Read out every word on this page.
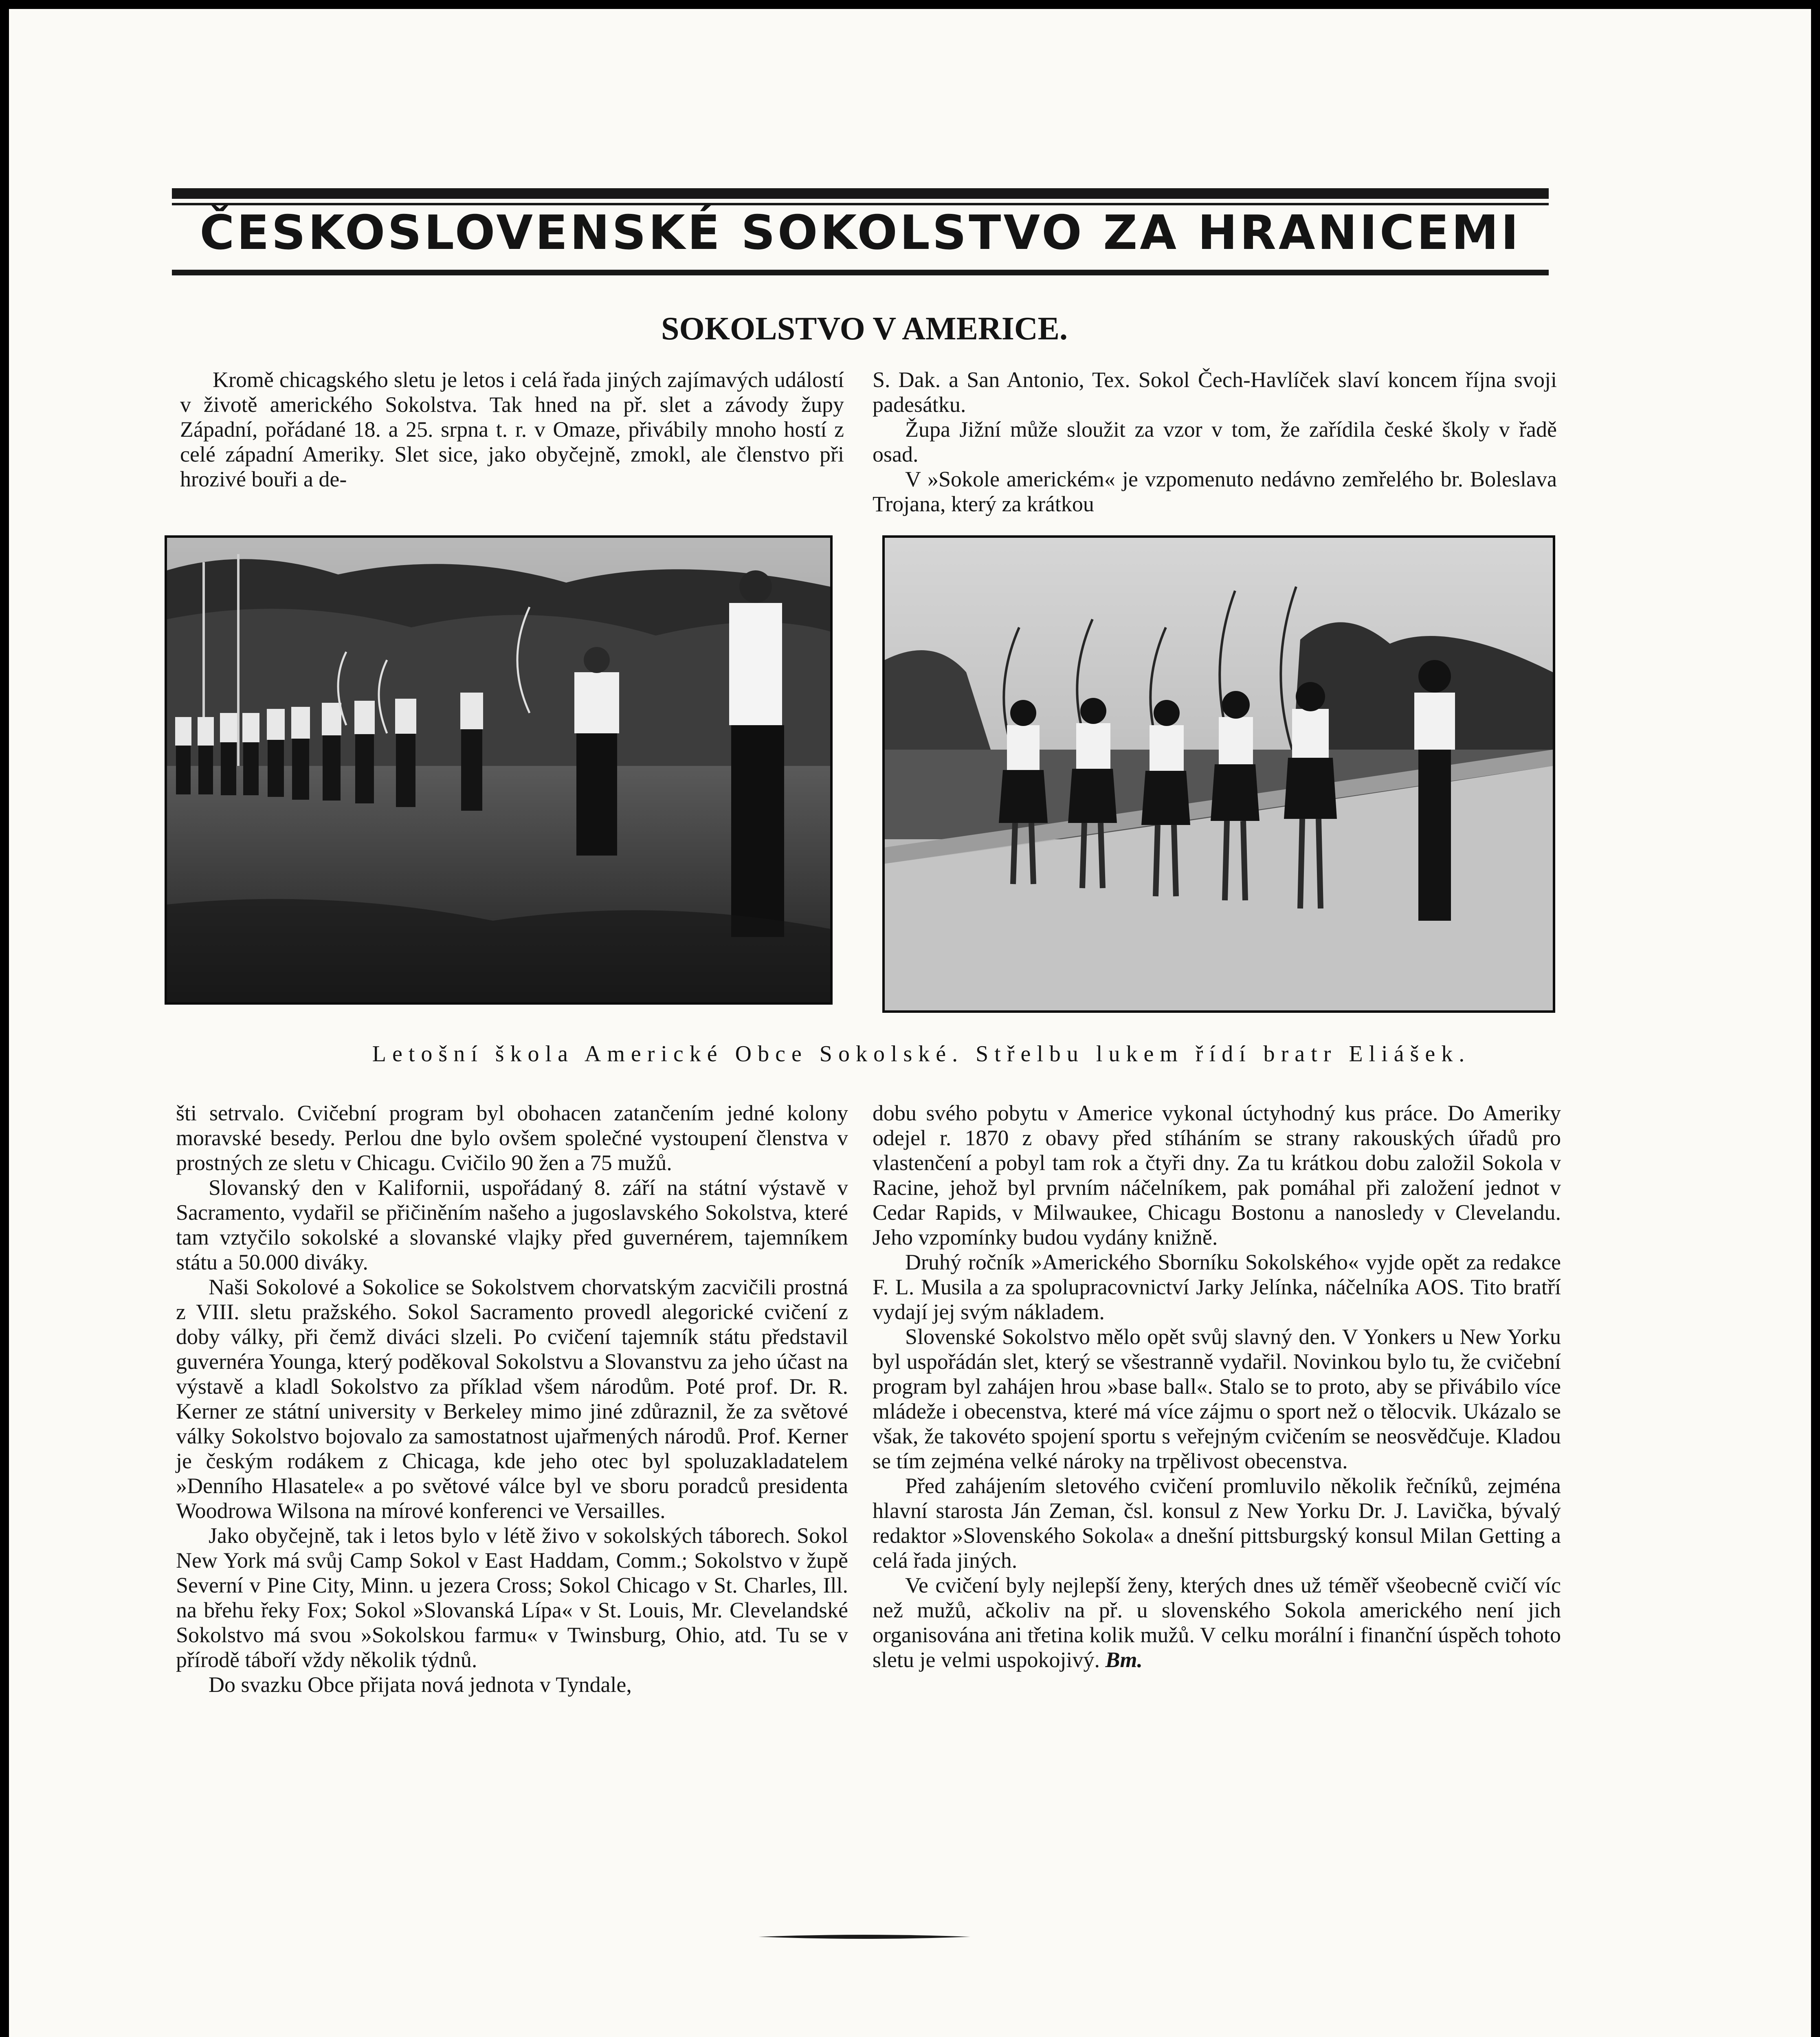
ČESKOSLOVENSKÉ SOKOLSTVO ZA HRANICEMI
SOKOLSTVO V AMERICE.

Kromě chicagského sletu je letos i celá řada jiných zajímavých událostí v životě amerického Sokolstva. Tak hned na př. slet a závody župy Západní, pořádané 18. a 25. srpna t. r. v Omaze, přivábily mnoho hostí z celé západní Ameriky. Slet sice, jako obyčejně, zmokl, ale členstvo při hrozivé bouři a de-

S. Dak. a San Antonio, Tex. Sokol Čech-Havlíček slaví koncem října svoji padesátku.

Župa Jižní může sloužit za vzor v tom, že zařídila české školy v řadě osad.

V »Sokole americkém« je vzpomenuto nedávno zemřelého br. Boleslava Trojana, který za krátkou

Letošní škola Americké Obce Sokolské. Střelbu lukem řídí bratr Eliášek.

šti setrvalo. Cvičební program byl obohacen zatančením jedné kolony moravské besedy. Perlou dne bylo ovšem společné vystoupení členstva v prostných ze sletu v Chicagu. Cvičilo 90 žen a 75 mužů.

Slovanský den v Kalifornii, uspořádaný 8. září na státní výstavě v Sacramento, vydařil se přičiněním našeho a jugoslavského Sokolstva, které tam vztyčilo sokolské a slovanské vlajky před guvernérem, tajemníkem státu a 50.000 diváky.

Naši Sokolové a Sokolice se Sokolstvem chorvatským zacvičili prostná z VIII. sletu pražského. Sokol Sacramento provedl alegorické cvičení z doby války, při čemž diváci slzeli. Po cvičení tajemník státu představil guvernéra Younga, který poděkoval Sokolstvu a Slovanstvu za jeho účast na výstavě a kladl Sokolstvo za příklad všem národům. Poté prof. Dr. R. Kerner ze státní university v Berkeley mimo jiné zdůraznil, že za světové války Sokolstvo bojovalo za samostatnost ujařmených národů. Prof. Kerner je českým rodákem z Chicaga, kde jeho otec byl spoluzakladatelem »Denního Hlasatele« a po světové válce byl ve sboru poradců presidenta Woodrowa Wilsona na mírové konferenci ve Versailles.

Jako obyčejně, tak i letos bylo v létě živo v sokolských táborech. Sokol New York má svůj Camp Sokol v East Haddam, Comm.; Sokolstvo v župě Severní v Pine City, Minn. u jezera Cross; Sokol Chicago v St. Charles, Ill. na břehu řeky Fox; Sokol »Slovanská Lípa« v St. Louis, Mr. Clevelandské Sokolstvo má svou »Sokolskou farmu« v Twinsburg, Ohio, atd. Tu se v přírodě táboří vždy několik týdnů.

Do svazku Obce přijata nová jednota v Tyndale,

dobu svého pobytu v Americe vykonal úctyhodný kus práce. Do Ameriky odejel r. 1870 z obavy před stíháním se strany rakouských úřadů pro vlastenčení a pobyl tam rok a čtyři dny. Za tu krátkou dobu založil Sokola v Racine, jehož byl prvním náčelníkem, pak pomáhal při založení jednot v Cedar Rapids, v Milwaukee, Chicagu Bostonu a nanosledy v Clevelandu. Jeho vzpomínky budou vydány knižně.

Druhý ročník »Amerického Sborníku Sokolského« vyjde opět za redakce F. L. Musila a za spolupracovnictví Jarky Jelínka, náčelníka AOS. Tito bratří vydají jej svým nákladem.

Slovenské Sokolstvo mělo opět svůj slavný den. V Yonkers u New Yorku byl uspořádán slet, který se všestranně vydařil. Novinkou bylo tu, že cvičební program byl zahájen hrou »base ball«. Stalo se to proto, aby se přivábilo více mládeže i obecenstva, které má více zájmu o sport než o tělocvik. Ukázalo se však, že takovéto spojení sportu s veřejným cvičením se neosvědčuje. Kladou se tím zejména velké nároky na trpělivost obecenstva.

Před zahájením sletového cvičení promluvilo několik řečníků, zejména hlavní starosta Ján Zeman, čsl. konsul z New Yorku Dr. J. Lavička, bývalý redaktor »Slovenského Sokola« a dnešní pittsburgský konsul Milan Getting a celá řada jiných.

Ve cvičení byly nejlepší ženy, kterých dnes už téměř všeobecně cvičí víc než mužů, ačkoliv na př. u slovenského Sokola amerického není jich organisována ani třetina kolik mužů. V celku morální i finanční úspěch tohoto sletu je velmi uspokojivý. Bm.
